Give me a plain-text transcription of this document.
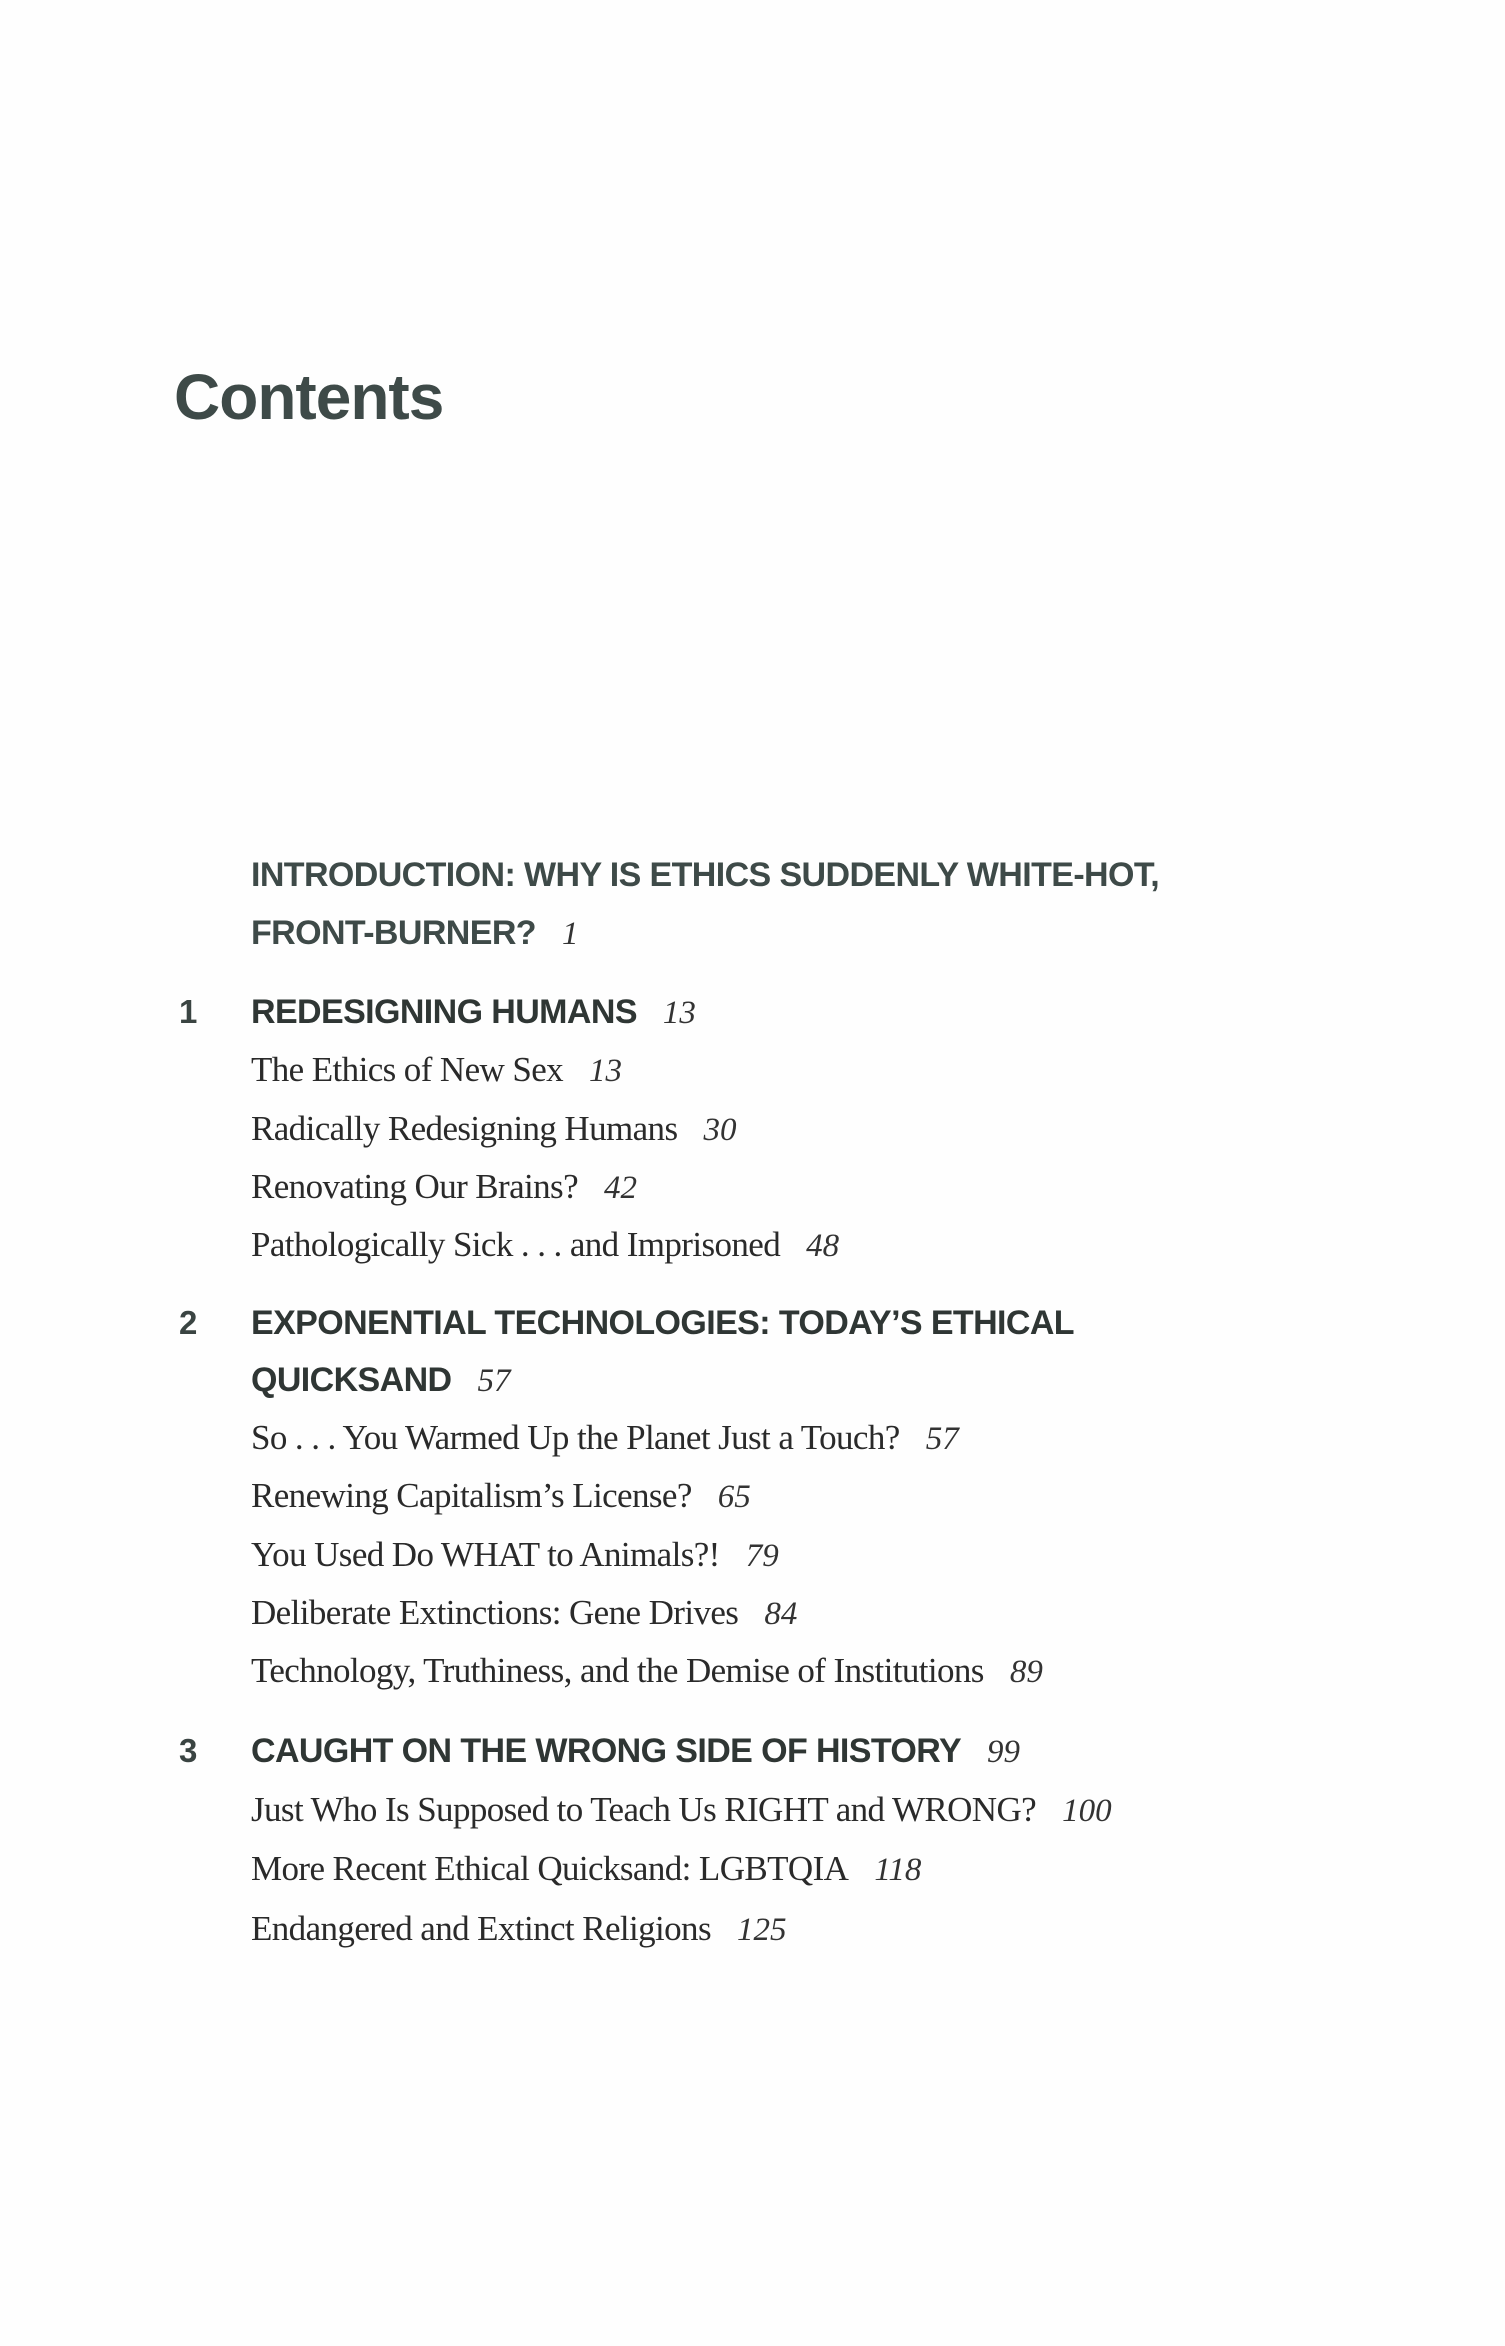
Contents
INTRODUCTION: WHY IS ETHICS SUDDENLY WHITE-HOT,
FRONT-BURNER? 1
1 REDESIGNING HUMANS 13
The Ethics of New Sex 13
Radically Redesigning Humans 30
Renovating Our Brains? 42
Pathologically Sick . . . and Imprisoned 48
2 EXPONENTIAL TECHNOLOGIES: TODAY’S ETHICAL
QUICKSAND 57
So . . . You Warmed Up the Planet Just a Touch? 57
Renewing Capitalism’s License? 65
You Used Do WHAT to Animals?! 79
Deliberate Extinctions: Gene Drives 84
Technology, Truthiness, and the Demise of Institutions 89
3 CAUGHT ON THE WRONG SIDE OF HISTORY 99
Just Who Is Supposed to Teach Us RIGHT and WRONG? 100
More Recent Ethical Quicksand: LGBTQIA 118
Endangered and Extinct Religions 125
